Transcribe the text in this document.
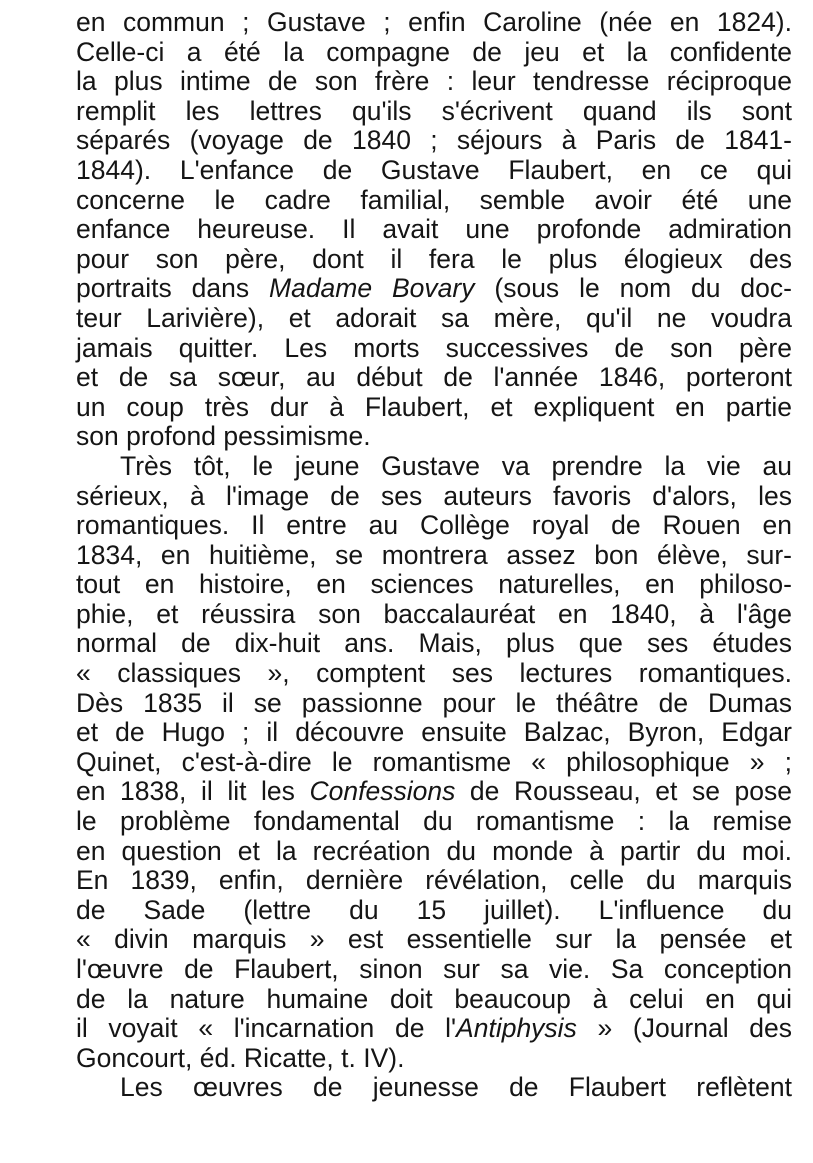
en commun ; Gustave ; enfin Caroline (née en 1824).
Celle-ci a été la compagne de jeu et la confidente
la plus intime de son frère : leur tendresse réciproque
remplit les lettres qu'ils s'écrivent quand ils sont
séparés (voyage de 1840 ; séjours à Paris de 1841-
1844). L'enfance de Gustave Flaubert, en ce qui
concerne le cadre familial, semble avoir été une
enfance heureuse. Il avait une profonde admiration
pour son père, dont il fera le plus élogieux des
portraits dans Madame Bovary (sous le nom du doc-
teur Larivière), et adorait sa mère, qu'il ne voudra
jamais quitter. Les morts successives de son père
et de sa sœur, au début de l'année 1846, porteront
un coup très dur à Flaubert, et expliquent en partie
son profond pessimisme.
Très tôt, le jeune Gustave va prendre la vie au
sérieux, à l'image de ses auteurs favoris d'alors, les
romantiques. Il entre au Collège royal de Rouen en
1834, en huitième, se montrera assez bon élève, sur-
tout en histoire, en sciences naturelles, en philoso-
phie, et réussira son baccalauréat en 1840, à l'âge
normal de dix-huit ans. Mais, plus que ses études
« classiques », comptent ses lectures romantiques.
Dès 1835 il se passionne pour le théâtre de Dumas
et de Hugo ; il découvre ensuite Balzac, Byron, Edgar
Quinet, c'est-à-dire le romantisme « philosophique » ;
en 1838, il lit les Confessions de Rousseau, et se pose
le problème fondamental du romantisme : la remise
en question et la recréation du monde à partir du moi.
En 1839, enfin, dernière révélation, celle du marquis
de Sade (lettre du 15 juillet). L'influence du
« divin marquis » est essentielle sur la pensée et
l'œuvre de Flaubert, sinon sur sa vie. Sa conception
de la nature humaine doit beaucoup à celui en qui
il voyait « l'incarnation de l'Antiphysis » (Journal des
Goncourt, éd. Ricatte, t. IV).
Les œuvres de jeunesse de Flaubert reflètent
